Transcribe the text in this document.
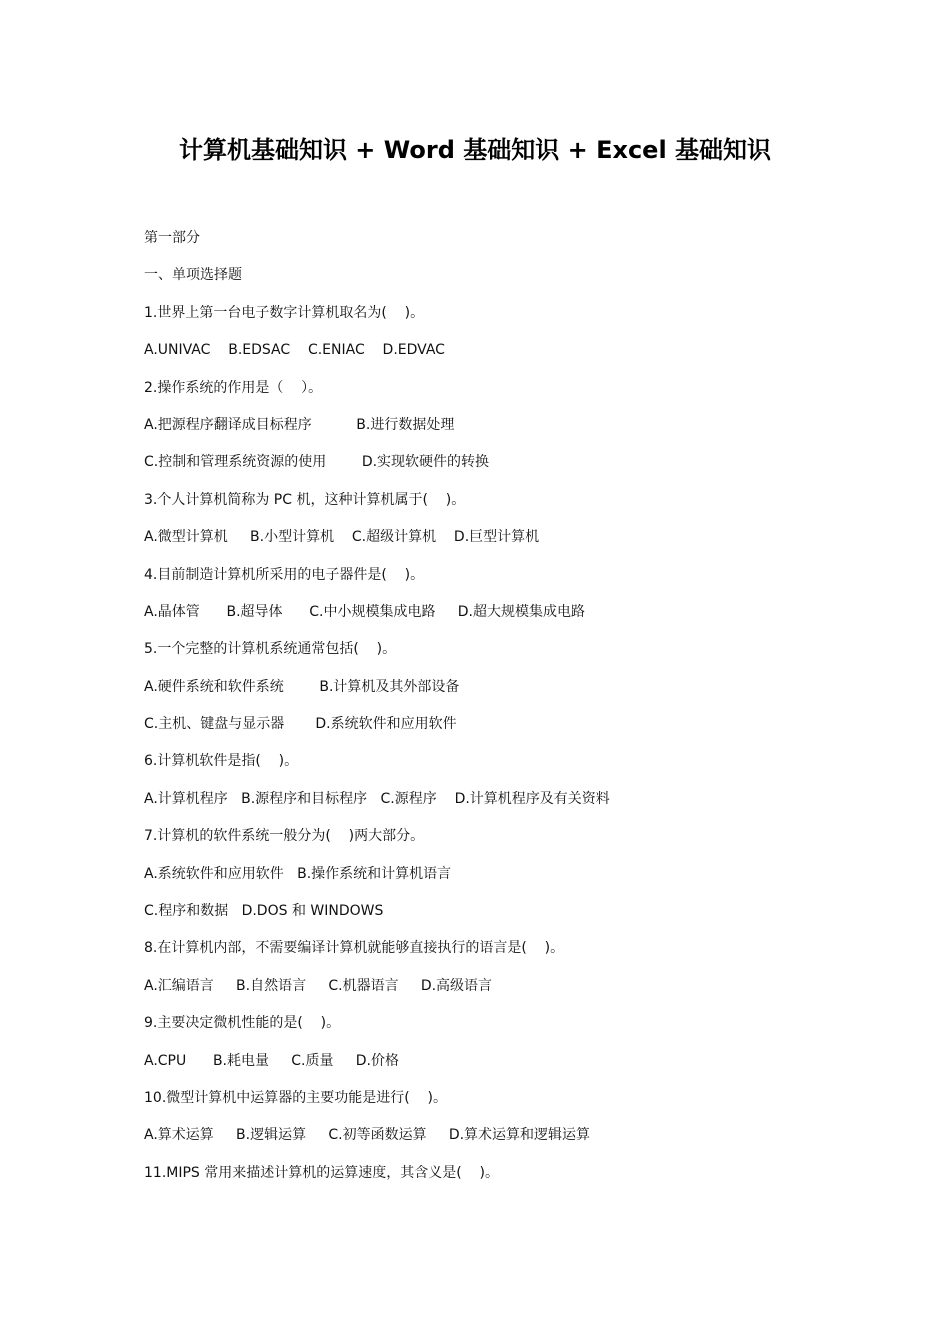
计算机基础知识 + Word 基础知识 + Excel 基础知识
第一部分
一、单项选择题
1.世界上第一台电子数字计算机取名为(    )。
A.UNIVAC    B.EDSAC    C.ENIAC    D.EDVAC
2.操作系统的作用是（    ）。
A.把源程序翻译成目标程序          B.进行数据处理
C.控制和管理系统资源的使用        D.实现软硬件的转换
3.个人计算机简称为 PC 机，这种计算机属于(    )。
A.微型计算机     B.小型计算机    C.超级计算机    D.巨型计算机
4.目前制造计算机所采用的电子器件是(    )。
A.晶体管      B.超导体      C.中小规模集成电路     D.超大规模集成电路
5.一个完整的计算机系统通常包括(    )。
A.硬件系统和软件系统        B.计算机及其外部设备
C.主机、键盘与显示器       D.系统软件和应用软件
6.计算机软件是指(    )。
A.计算机程序   B.源程序和目标程序   C.源程序    D.计算机程序及有关资料
7.计算机的软件系统一般分为(    )两大部分。
A.系统软件和应用软件   B.操作系统和计算机语言
C.程序和数据   D.DOS 和 WINDOWS
8.在计算机内部，不需要编译计算机就能够直接执行的语言是(    )。
A.汇编语言     B.自然语言     C.机器语言     D.高级语言
9.主要决定微机性能的是(    )。
A.CPU      B.耗电量     C.质量     D.价格
10.微型计算机中运算器的主要功能是进行(    )。
A.算术运算     B.逻辑运算     C.初等函数运算     D.算术运算和逻辑运算
11.MIPS 常用来描述计算机的运算速度，其含义是(    )。
